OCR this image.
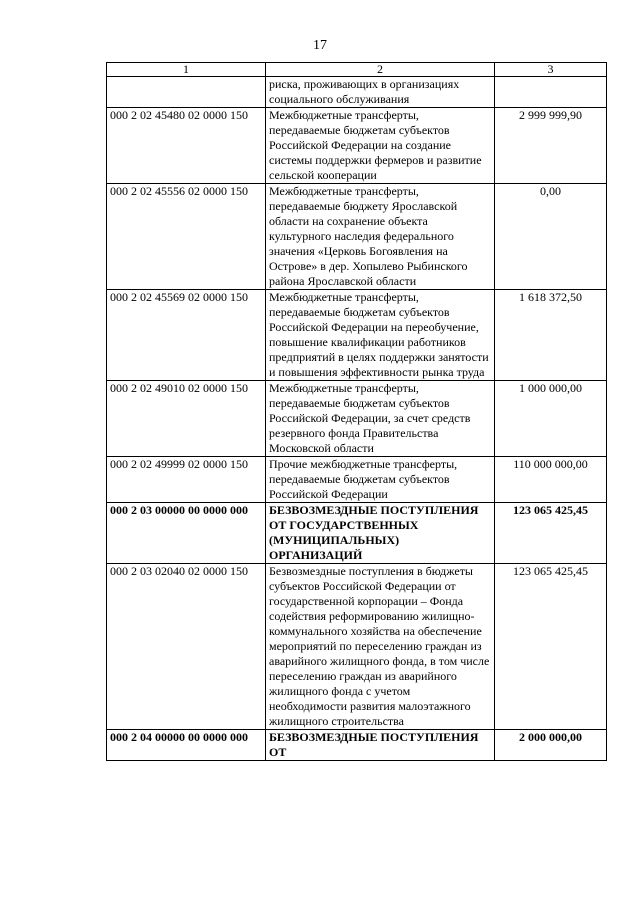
17
1	2	3
	риска, проживающих в организациях социального обслуживания	
000 2 02 45480 02 0000 150	Межбюджетные трансферты, передаваемые бюджетам субъектов Российской Федерации на создание системы поддержки фермеров и развитие сельской кооперации	2 999 999,90
000 2 02 45556 02 0000 150	Межбюджетные трансферты, передаваемые бюджету Ярославской области на сохранение объекта культурного наследия федерального значения «Церковь Богоявления на Острове» в дер. Хопылево Рыбинского района Ярославской области	0,00
000 2 02 45569 02 0000 150	Межбюджетные трансферты, передаваемые бюджетам субъектов Российской Федерации на переобучение, повышение квалификации работников предприятий в целях поддержки занятости и повышения эффективности рынка труда	1 618 372,50
000 2 02 49010 02 0000 150	Межбюджетные трансферты, передаваемые бюджетам субъектов Российской Федерации, за счет средств резервного фонда Правительства Московской области	1 000 000,00
000 2 02 49999 02 0000 150	Прочие межбюджетные трансферты, передаваемые бюджетам субъектов Российской Федерации	110 000 000,00
000 2 03 00000 00 0000 000	БЕЗВОЗМЕЗДНЫЕ ПОСТУПЛЕНИЯ ОТ ГОСУДАРСТВЕННЫХ (МУНИЦИПАЛЬНЫХ) ОРГАНИЗАЦИЙ	123 065 425,45
000 2 03 02040 02 0000 150	Безвозмездные поступления в бюджеты субъектов Российской Федерации от государственной корпорации – Фонда содействия реформированию жилищно-коммунального хозяйства на обеспечение мероприятий по переселению граждан из аварийного жилищного фонда, в том числе переселению граждан из аварийного жилищного фонда с учетом необходимости развития малоэтажного жилищного строительства	123 065 425,45
000 2 04 00000 00 0000 000	БЕЗВОЗМЕЗДНЫЕ ПОСТУПЛЕНИЯ ОТ	2 000 000,00
